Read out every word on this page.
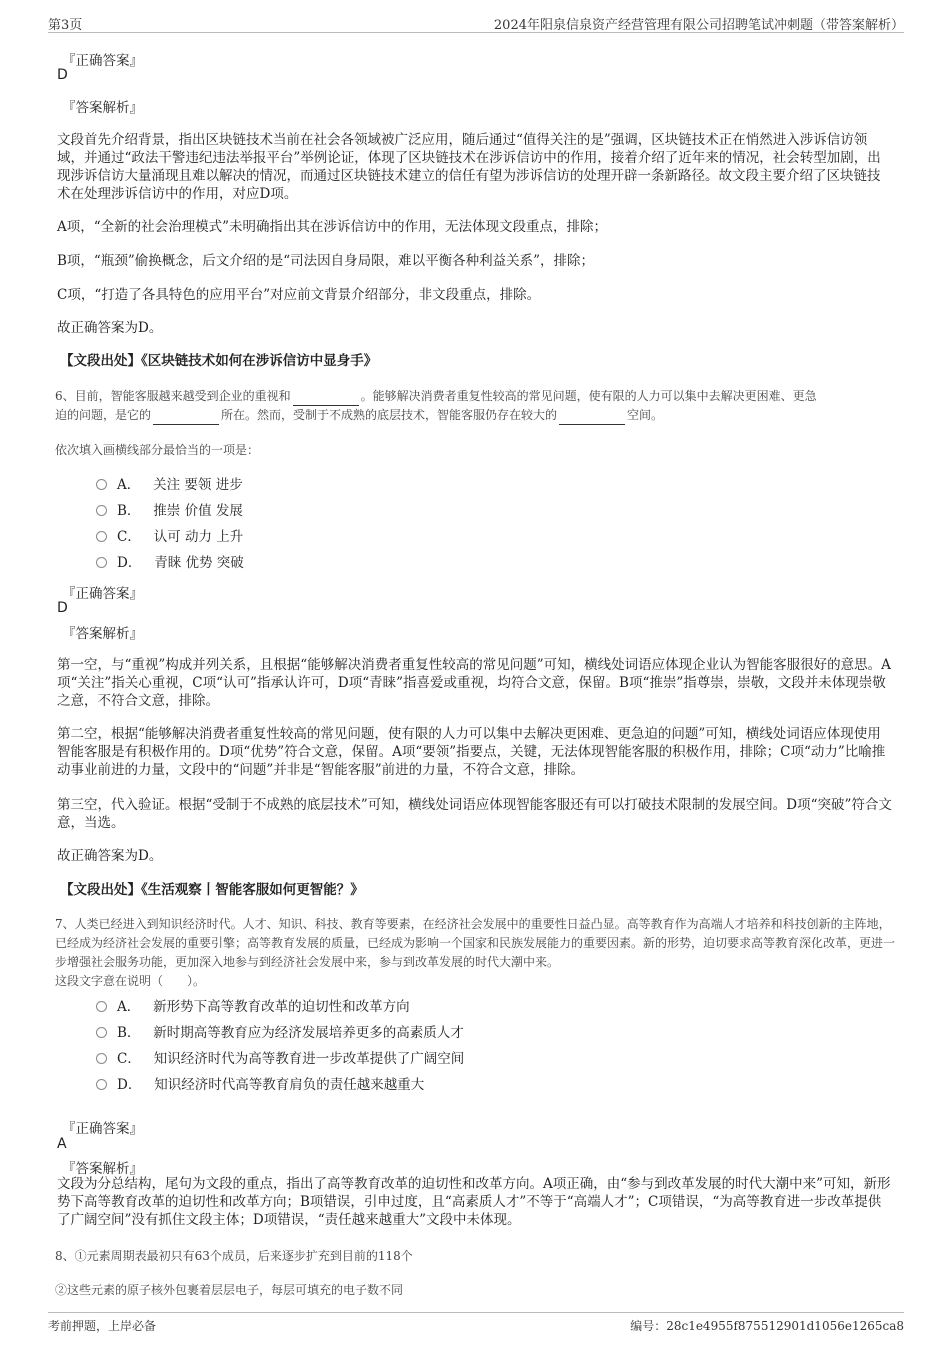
第3页	2024年阳泉信泉资产经营管理有限公司招聘笔试冲刺题（带答案解析）
『正确答案』
D
『答案解析』
文段首先介绍背景，指出区块链技术当前在社会各领域被广泛应用，随后通过“值得关注的是”强调，区块链技术正在悄然进入涉诉信访领域，并通过“政法干警违纪违法举报平台”举例论证，体现了区块链技术在涉诉信访中的作用，接着介绍了近年来的情况，社会转型加剧，出现涉诉信访大量涌现且难以解决的情况，而通过区块链技术建立的信任有望为涉诉信访的处理开辟一条新路径。故文段主要介绍了区块链技术在处理涉诉信访中的作用，对应D项。
A项，“全新的社会治理模式”未明确指出其在涉诉信访中的作用，无法体现文段重点，排除；
B项，“瓶颈”偷换概念，后文介绍的是“司法因自身局限，难以平衡各种利益关系”，排除；
C项，“打造了各具特色的应用平台”对应前文背景介绍部分，非文段重点，排除。
故正确答案为D。
【文段出处】《区块链技术如何在涉诉信访中显身手》
6、目前，智能客服越来越受到企业的重视和	。能够解决消费者重复性较高的常见问题，使有限的人力可以集中去解决更困难、更急
迫的问题，是它的	所在。然而，受制于不成熟的底层技术，智能客服仍存在较大的	空间。
依次填入画横线部分最恰当的一项是：
A． 关注 要领 进步
B． 推崇 价值 发展
C． 认可 动力 上升
D． 青睐 优势 突破
『正确答案』
D
『答案解析』
第一空，与“重视”构成并列关系，且根据“能够解决消费者重复性较高的常见问题”可知，横线处词语应体现企业认为智能客服很好的意思。A项“关注”指关心重视，C项“认可”指承认许可，D项“青睐”指喜爱或重视，均符合文意，保留。B项“推崇”指尊崇，崇敬，文段并未体现崇敬之意，不符合文意，排除。
第二空，根据“能够解决消费者重复性较高的常见问题，使有限的人力可以集中去解决更困难、更急迫的问题”可知，横线处词语应体现使用智能客服是有积极作用的。D项“优势”符合文意，保留。A项“要领”指要点，关键，无法体现智能客服的积极作用，排除；C项“动力”比喻推动事业前进的力量，文段中的“问题”并非是“智能客服”前进的力量，不符合文意，排除。
第三空，代入验证。根据“受制于不成熟的底层技术”可知，横线处词语应体现智能客服还有可以打破技术限制的发展空间。D项“突破”符合文意，当选。
故正确答案为D。
【文段出处】《生活观察丨智能客服如何更智能？》
7、人类已经进入到知识经济时代。人才、知识、科技、教育等要素，在经济社会发展中的重要性日益凸显。高等教育作为高端人才培养和科技创新的主阵地，已经成为经济社会发展的重要引擎；高等教育发展的质量，已经成为影响一个国家和民族发展能力的重要因素。新的形势，迫切要求高等教育深化改革，更进一步增强社会服务功能，更加深入地参与到经济社会发展中来，参与到改革发展的时代大潮中来。
这段文字意在说明（　　）。
A． 新形势下高等教育改革的迫切性和改革方向
B． 新时期高等教育应为经济发展培养更多的高素质人才
C． 知识经济时代为高等教育进一步改革提供了广阔空间
D． 知识经济时代高等教育肩负的责任越来越重大
『正确答案』
A
『答案解析』
文段为分总结构，尾句为文段的重点，指出了高等教育改革的迫切性和改革方向。A项正确，由“参与到改革发展的时代大潮中来”可知，新形势下高等教育改革的迫切性和改革方向；B项错误，引申过度，且“高素质人才”不等于“高端人才”；C项错误，“为高等教育进一步改革提供了广阔空间”没有抓住文段主体；D项错误，“责任越来越重大”文段中未体现。
8、①元素周期表最初只有63个成员，后来逐步扩充到目前的118个
②这些元素的原子核外包裹着层层电子，每层可填充的电子数不同
考前押题，上岸必备	编号：28c1e4955f875512901d1056e1265ca8
